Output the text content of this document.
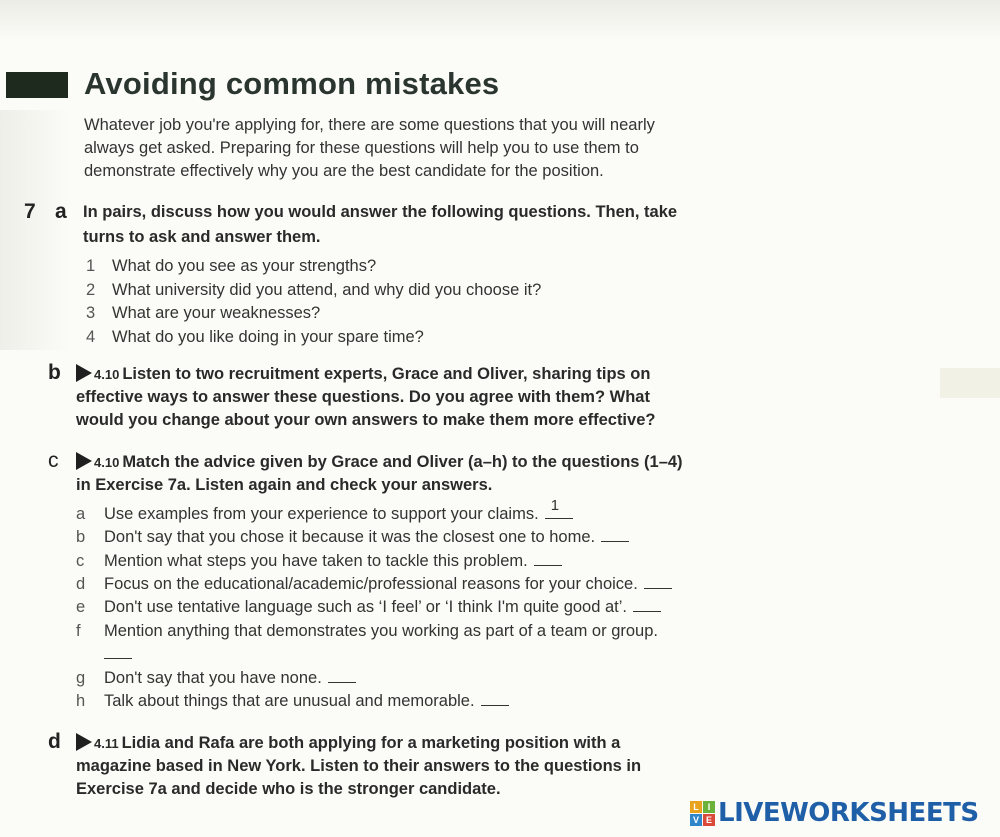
Avoiding common mistakes
Whatever job you're applying for, there are some questions that you will nearly
always get asked. Preparing for these questions will help you to use them to
demonstrate effectively why you are the best candidate for the position.
7 a In pairs, discuss how you would answer the following questions. Then, take
turns to ask and answer them.
1 What do you see as your strengths?
2 What university did you attend, and why did you choose it?
3 What are your weaknesses?
4 What do you like doing in your spare time?
b	4.10 Listen to two recruitment experts, Grace and Oliver, sharing tips on
effective ways to answer these questions. Do you agree with them? What
would you change about your own answers to make them more effective?
c	4.10 Match the advice given by Grace and Oliver (a–h) to the questions (1–4)
in Exercise 7a. Listen again and check your answers.
a Use examples from your experience to support your claims. 1
b Don't say that you chose it because it was the closest one to home.
c Mention what steps you have taken to tackle this problem.
d Focus on the educational/academic/professional reasons for your choice.
e Don't use tentative language such as ‘I feel’ or ‘I think I'm quite good at’.
f Mention anything that demonstrates you working as part of a team or group.
g Don't say that you have none.
h Talk about things that are unusual and memorable.
d	4.11 Lidia and Rafa are both applying for a marketing position with a
magazine based in New York. Listen to their answers to the questions in
Exercise 7a and decide who is the stronger candidate.
L I
V E LIVEWORKSHEETS
